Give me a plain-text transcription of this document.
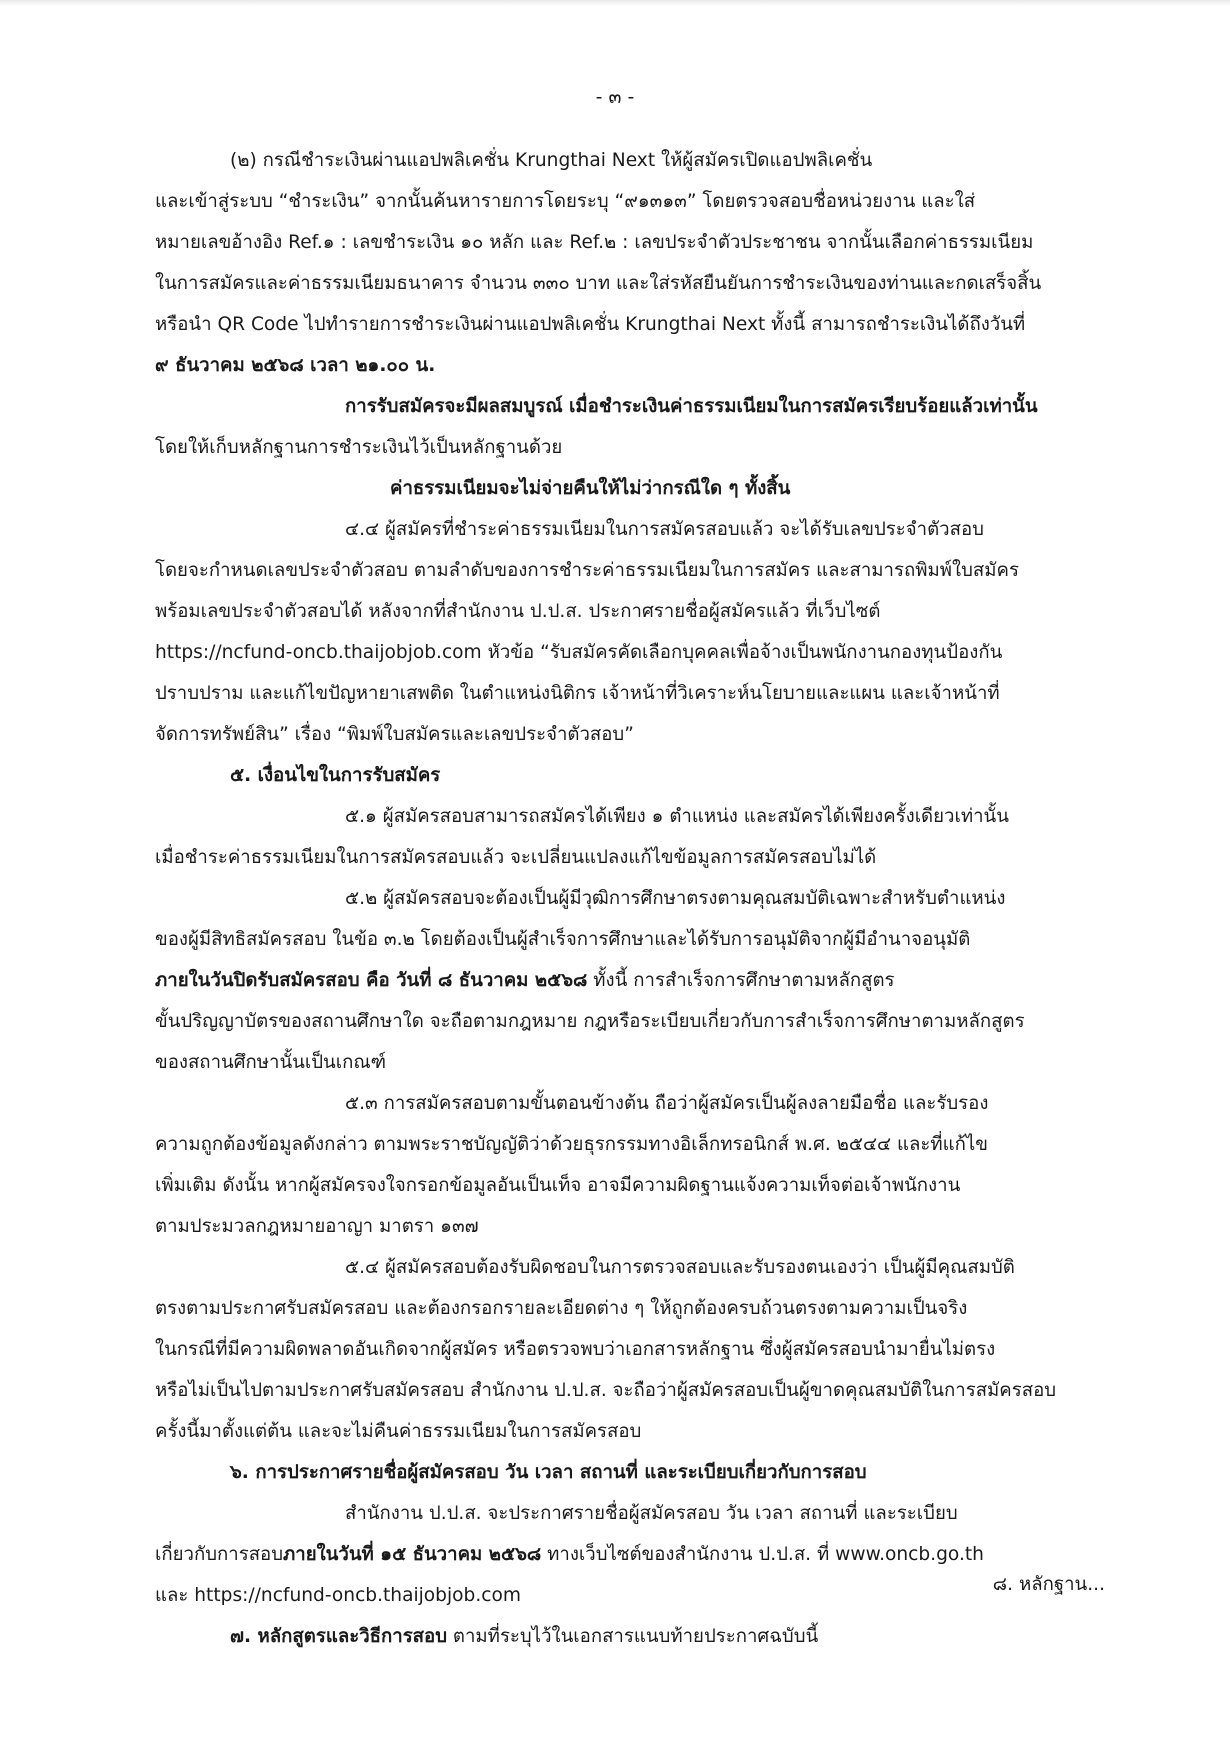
- ๓ -
(๒) กรณีชำระเงินผ่านแอปพลิเคชั่น Krungthai Next ให้ผู้สมัครเปิดแอปพลิเคชั่น
และเข้าสู่ระบบ “ชำระเงิน” จากนั้นค้นหารายการโดยระบุ “๙๑๓๑๓” โดยตรวจสอบชื่อหน่วยงาน และใส่
หมายเลขอ้างอิง Ref.๑ : เลขชำระเงิน ๑๐ หลัก และ Ref.๒ : เลขประจำตัวประชาชน จากนั้นเลือกค่าธรรมเนียม
ในการสมัครและค่าธรรมเนียมธนาคาร จำนวน ๓๓๐ บาท และใส่รหัสยืนยันการชำระเงินของท่านและกดเสร็จสิ้น
หรือนำ QR Code ไปทำรายการชำระเงินผ่านแอปพลิเคชั่น Krungthai Next ทั้งนี้ สามารถชำระเงินได้ถึงวันที่
๙ ธันวาคม ๒๕๖๘ เวลา ๒๑.๐๐ น.
การรับสมัครจะมีผลสมบูรณ์ เมื่อชำระเงินค่าธรรมเนียมในการสมัครเรียบร้อยแล้วเท่านั้น
โดยให้เก็บหลักฐานการชำระเงินไว้เป็นหลักฐานด้วย
ค่าธรรมเนียมจะไม่จ่ายคืนให้ไม่ว่ากรณีใด ๆ ทั้งสิ้น
๔.๔ ผู้สมัครที่ชำระค่าธรรมเนียมในการสมัครสอบแล้ว จะได้รับเลขประจำตัวสอบ
โดยจะกำหนดเลขประจำตัวสอบ ตามลำดับของการชำระค่าธรรมเนียมในการสมัคร และสามารถพิมพ์ใบสมัคร
พร้อมเลขประจำตัวสอบได้ หลังจากที่สำนักงาน ป.ป.ส. ประกาศรายชื่อผู้สมัครแล้ว ที่เว็บไซต์
https://ncfund-oncb.thaijobjob.com หัวข้อ “รับสมัครคัดเลือกบุคคลเพื่อจ้างเป็นพนักงานกองทุนป้องกัน
ปราบปราม และแก้ไขปัญหายาเสพติด ในตำแหน่งนิติกร เจ้าหน้าที่วิเคราะห์นโยบายและแผน และเจ้าหน้าที่
จัดการทรัพย์สิน” เรื่อง “พิมพ์ใบสมัครและเลขประจำตัวสอบ”
๕. เงื่อนไขในการรับสมัคร
๕.๑ ผู้สมัครสอบสามารถสมัครได้เพียง ๑ ตำแหน่ง และสมัครได้เพียงครั้งเดียวเท่านั้น
เมื่อชำระค่าธรรมเนียมในการสมัครสอบแล้ว จะเปลี่ยนแปลงแก้ไขข้อมูลการสมัครสอบไม่ได้
๕.๒ ผู้สมัครสอบจะต้องเป็นผู้มีวุฒิการศึกษาตรงตามคุณสมบัติเฉพาะสำหรับตำแหน่ง
ของผู้มีสิทธิสมัครสอบ ในข้อ ๓.๒ โดยต้องเป็นผู้สำเร็จการศึกษาและได้รับการอนุมัติจากผู้มีอำนาจอนุมัติ
ภายในวันปิดรับสมัครสอบ คือ วันที่ ๘ ธันวาคม ๒๕๖๘ ทั้งนี้ การสำเร็จการศึกษาตามหลักสูตร
ขั้นปริญญาบัตรของสถานศึกษาใด จะถือตามกฎหมาย กฎหรือระเบียบเกี่ยวกับการสำเร็จการศึกษาตามหลักสูตร
ของสถานศึกษานั้นเป็นเกณฑ์
๕.๓ การสมัครสอบตามขั้นตอนข้างต้น ถือว่าผู้สมัครเป็นผู้ลงลายมือชื่อ และรับรอง
ความถูกต้องข้อมูลดังกล่าว ตามพระราชบัญญัติว่าด้วยธุรกรรมทางอิเล็กทรอนิกส์ พ.ศ. ๒๕๔๔ และที่แก้ไข
เพิ่มเติม ดังนั้น หากผู้สมัครจงใจกรอกข้อมูลอันเป็นเท็จ อาจมีความผิดฐานแจ้งความเท็จต่อเจ้าพนักงาน
ตามประมวลกฎหมายอาญา มาตรา ๑๓๗
๕.๔ ผู้สมัครสอบต้องรับผิดชอบในการตรวจสอบและรับรองตนเองว่า เป็นผู้มีคุณสมบัติ
ตรงตามประกาศรับสมัครสอบ และต้องกรอกรายละเอียดต่าง ๆ ให้ถูกต้องครบถ้วนตรงตามความเป็นจริง
ในกรณีที่มีความผิดพลาดอันเกิดจากผู้สมัคร หรือตรวจพบว่าเอกสารหลักฐาน ซึ่งผู้สมัครสอบนำมายื่นไม่ตรง
หรือไม่เป็นไปตามประกาศรับสมัครสอบ สำนักงาน ป.ป.ส. จะถือว่าผู้สมัครสอบเป็นผู้ขาดคุณสมบัติในการสมัครสอบ
ครั้งนี้มาตั้งแต่ต้น และจะไม่คืนค่าธรรมเนียมในการสมัครสอบ
๖. การประกาศรายชื่อผู้สมัครสอบ วัน เวลา สถานที่ และระเบียบเกี่ยวกับการสอบ
สำนักงาน ป.ป.ส. จะประกาศรายชื่อผู้สมัครสอบ วัน เวลา สถานที่ และระเบียบ
เกี่ยวกับการสอบภายในวันที่ ๑๕ ธันวาคม ๒๕๖๘ ทางเว็บไซต์ของสำนักงาน ป.ป.ส. ที่ www.oncb.go.th
และ https://ncfund-oncb.thaijobjob.com
๗. หลักสูตรและวิธีการสอบ ตามที่ระบุไว้ในเอกสารแนบท้ายประกาศฉบับนี้
๘. หลักฐาน...
